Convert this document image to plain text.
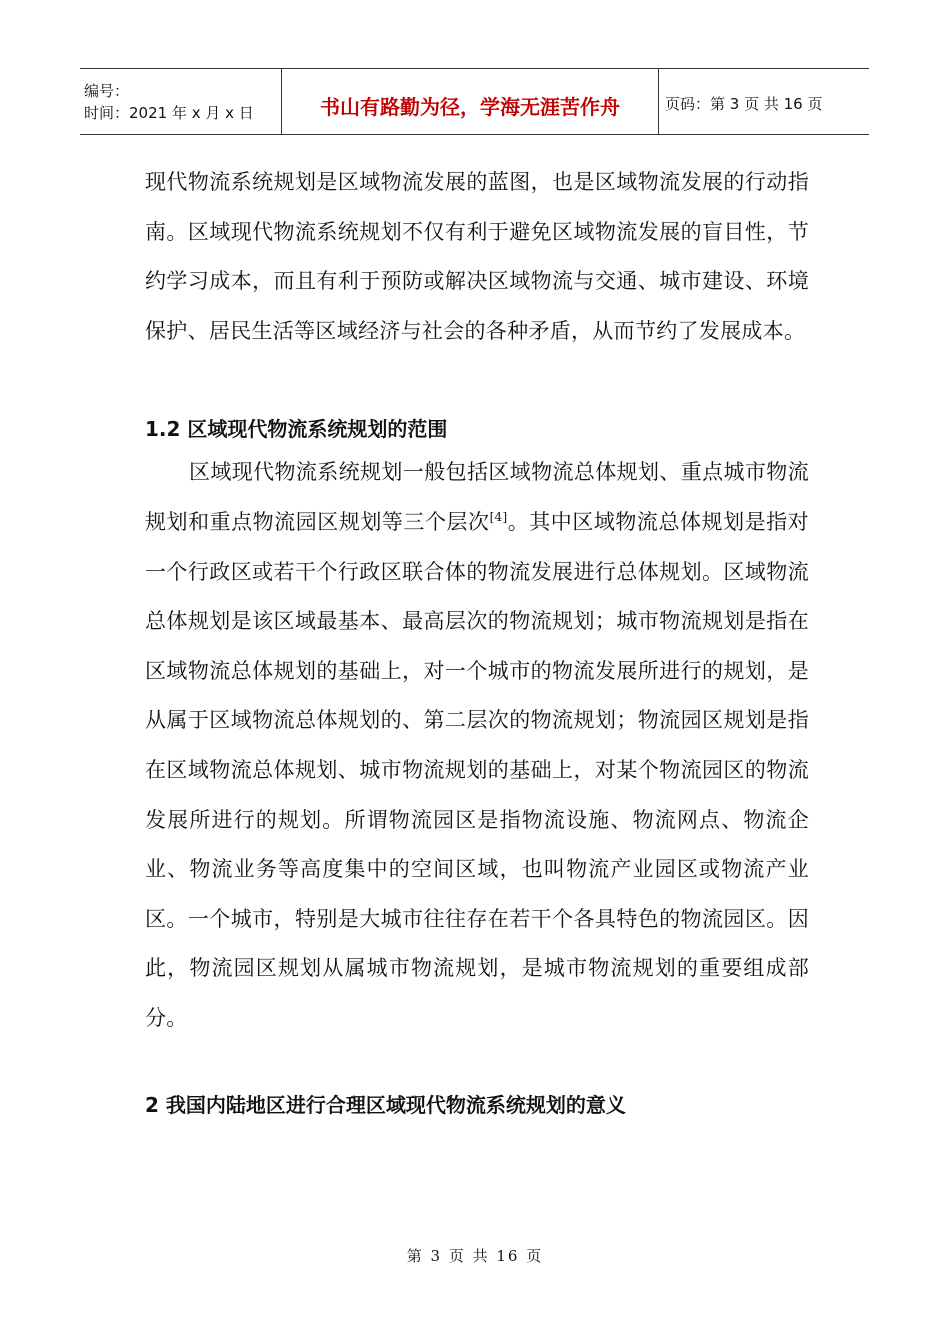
编号：
时间：2021 年 x 月 x 日	书山有路勤为径，学海无涯苦作舟	页码：第 3 页 共 16 页

现代物流系统规划是区域物流发展的蓝图，也是区域物流发展的行动指南。区域现代物流系统规划不仅有利于避免区域物流发展的盲目性，节约学习成本，而且有利于预防或解决区域物流与交通、城市建设、环境保护、居民生活等区域经济与社会的各种矛盾，从而节约了发展成本。

1.2 区域现代物流系统规划的范围

区域现代物流系统规划一般包括区域物流总体规划、重点城市物流规划和重点物流园区规划等三个层次[4]。其中区域物流总体规划是指对一个行政区或若干个行政区联合体的物流发展进行总体规划。区域物流总体规划是该区域最基本、最高层次的物流规划；城市物流规划是指在区域物流总体规划的基础上，对一个城市的物流发展所进行的规划，是从属于区域物流总体规划的、第二层次的物流规划；物流园区规划是指在区域物流总体规划、城市物流规划的基础上，对某个物流园区的物流发展所进行的规划。所谓物流园区是指物流设施、物流网点、物流企业、物流业务等高度集中的空间区域，也叫物流产业园区或物流产业区。一个城市，特别是大城市往往存在若干个各具特色的物流园区。因此，物流园区规划从属城市物流规划，是城市物流规划的重要组成部分。

2 我国内陆地区进行合理区域现代物流系统规划的意义
第 3 页 共 16 页
